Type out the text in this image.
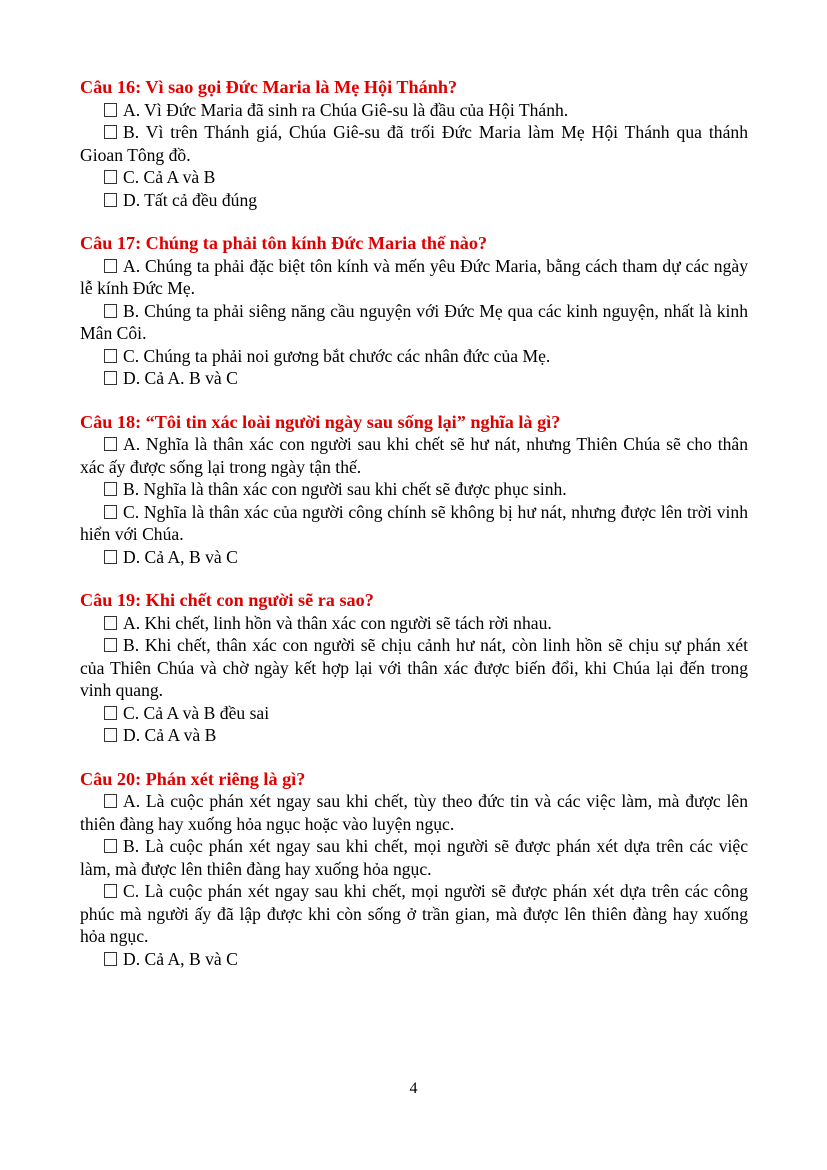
Câu 16: Vì sao gọi Đức Maria là Mẹ Hội Thánh?
A. Vì Đức Maria đã sinh ra Chúa Giê-su là đầu của Hội Thánh.
B. Vì trên Thánh giá, Chúa Giê-su đã trối Đức Maria làm Mẹ Hội Thánh qua thánh Gioan Tông đồ.
C. Cả A và B
D. Tất cả đều đúng
Câu 17: Chúng ta phải tôn kính Đức Maria thế nào?
A. Chúng ta phải đặc biệt tôn kính và mến yêu Đức Maria, bằng cách tham dự các ngày lễ kính Đức Mẹ.
B. Chúng ta phải siêng năng cầu nguyện với Đức Mẹ qua các kinh nguyện, nhất là kinh Mân Côi.
C. Chúng ta phải noi gương bắt chước các nhân đức của Mẹ.
D. Cả A. B và C
Câu 18: “Tôi tin xác loài người ngày sau sống lại” nghĩa là gì?
A. Nghĩa là thân xác con người sau khi chết sẽ hư nát, nhưng Thiên Chúa sẽ cho thân xác ấy được sống lại trong ngày tận thế.
B. Nghĩa là thân xác con người sau khi chết sẽ được phục sinh.
C. Nghĩa là thân xác của người công chính sẽ không bị hư nát, nhưng được lên trời vinh hiển với Chúa.
D. Cả A, B và C
Câu 19: Khi chết con người sẽ ra sao?
A. Khi chết, linh hồn và thân xác con người sẽ tách rời nhau.
B. Khi chết, thân xác con người sẽ chịu cảnh hư nát, còn linh hồn sẽ chịu sự phán xét của Thiên Chúa và chờ ngày kết hợp lại với thân xác được biến đổi, khi Chúa lại đến trong vinh quang.
C. Cả A và B đều sai
D. Cả A và B
Câu 20: Phán xét riêng là gì?
A. Là cuộc phán xét ngay sau khi chết, tùy theo đức tin và các việc làm, mà được lên thiên đàng hay xuống hỏa ngục hoặc vào luyện ngục.
B. Là cuộc phán xét ngay sau khi chết, mọi người sẽ được phán xét dựa trên các việc làm, mà được lên thiên đàng hay xuống hỏa ngục.
C. Là cuộc phán xét ngay sau khi chết, mọi người sẽ được phán xét dựa trên các công phúc mà người ấy đã lập được khi còn sống ở trần gian, mà được lên thiên đàng hay xuống hỏa ngục.
D. Cả A, B và C
4
